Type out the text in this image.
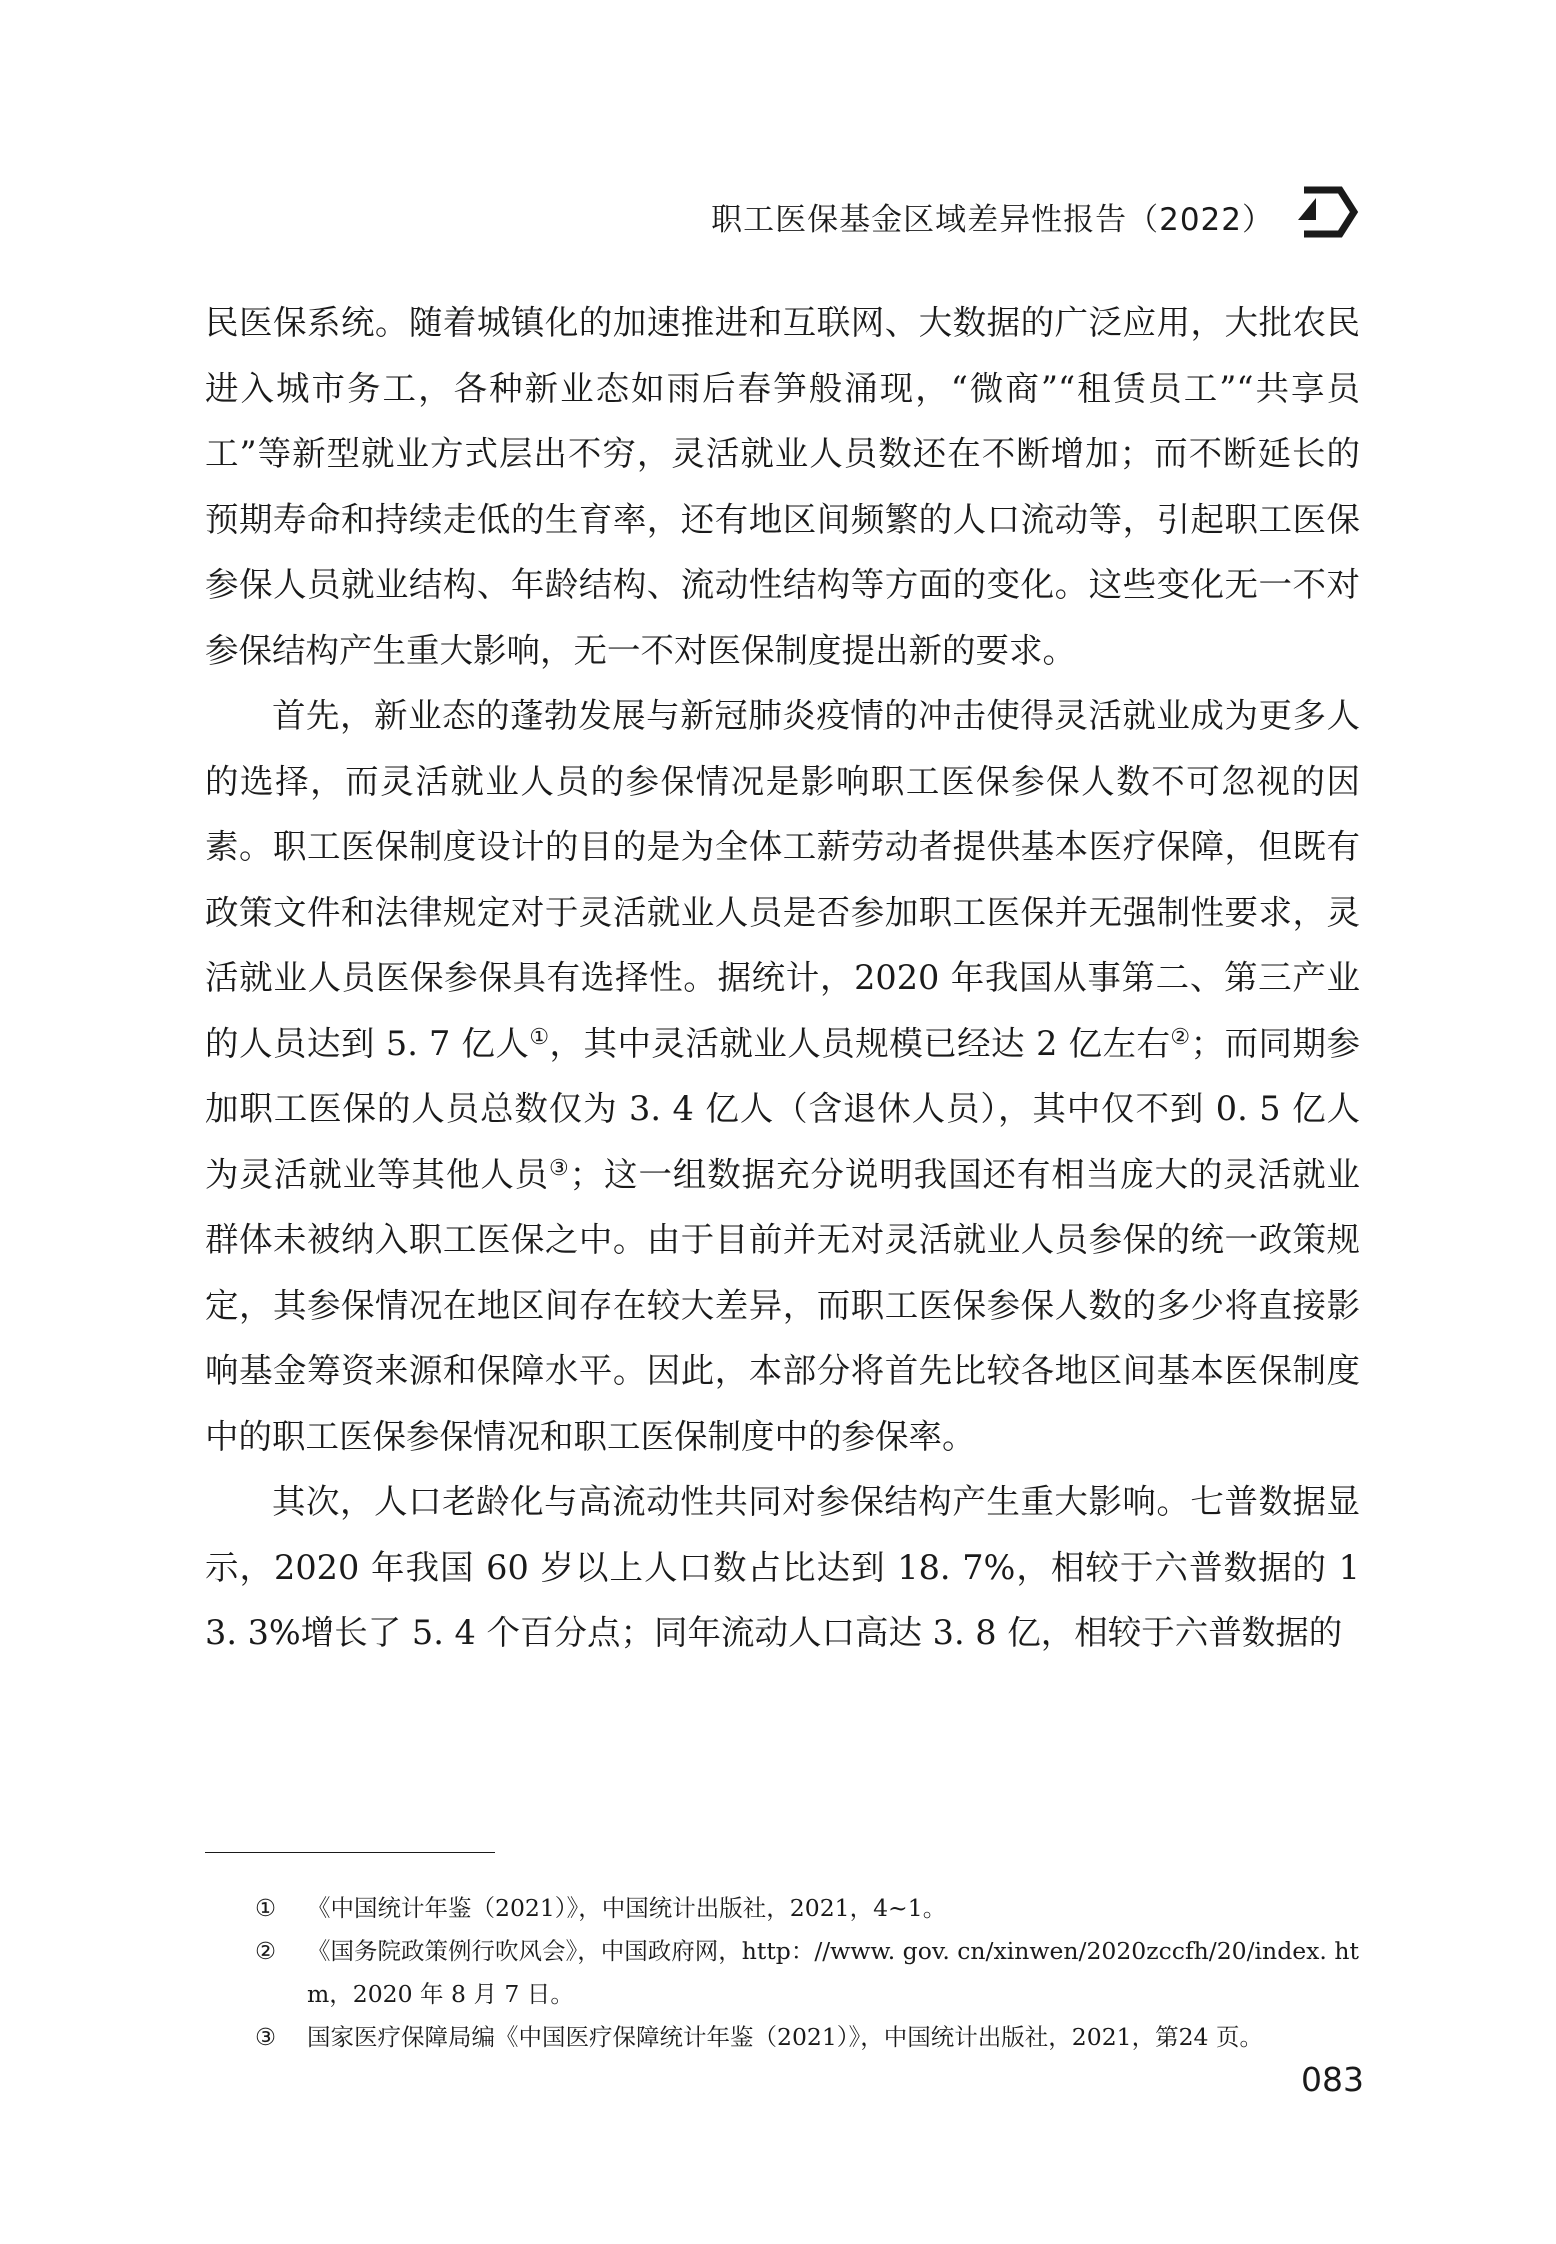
职工医保基金区域差异性报告（2022）

民医保系统。随着城镇化的加速推进和互联网、大数据的广泛应用，大批农民进入城市务工，各种新业态如雨后春笋般涌现，“微商”“租赁员工”“共享员工”等新型就业方式层出不穷，灵活就业人员数还在不断增加；而不断延长的预期寿命和持续走低的生育率，还有地区间频繁的人口流动等，引起职工医保参保人员就业结构、年龄结构、流动性结构等方面的变化。这些变化无一不对参保结构产生重大影响，无一不对医保制度提出新的要求。

首先，新业态的蓬勃发展与新冠肺炎疫情的冲击使得灵活就业成为更多人的选择，而灵活就业人员的参保情况是影响职工医保参保人数不可忽视的因素。职工医保制度设计的目的是为全体工薪劳动者提供基本医疗保障，但既有政策文件和法律规定对于灵活就业人员是否参加职工医保并无强制性要求，灵活就业人员医保参保具有选择性。据统计，2020 年我国从事第二、第三产业的人员达到 5. 7 亿人①，其中灵活就业人员规模已经达 2 亿左右②；而同期参加职工医保的人员总数仅为 3. 4 亿人（含退休人员），其中仅不到 0. 5 亿人为灵活就业等其他人员③；这一组数据充分说明我国还有相当庞大的灵活就业群体未被纳入职工医保之中。由于目前并无对灵活就业人员参保的统一政策规定，其参保情况在地区间存在较大差异，而职工医保参保人数的多少将直接影响基金筹资来源和保障水平。因此，本部分将首先比较各地区间基本医保制度中的职工医保参保情况和职工医保制度中的参保率。

其次，人口老龄化与高流动性共同对参保结构产生重大影响。七普数据显示，2020 年我国 60 岁以上人口数占比达到 18. 7%，相较于六普数据的 13. 3%增长了 5. 4 个百分点；同年流动人口高达 3. 8 亿，相较于六普数据的

① 《中国统计年鉴（2021）》，中国统计出版社，2021，4~1。
② 《国务院政策例行吹风会》，中国政府网，http：//www. gov. cn/xinwen/2020zccfh/20/index. htm，2020 年 8 月 7 日。
③ 国家医疗保障局编《中国医疗保障统计年鉴（2021）》，中国统计出版社，2021，第24 页。
083
